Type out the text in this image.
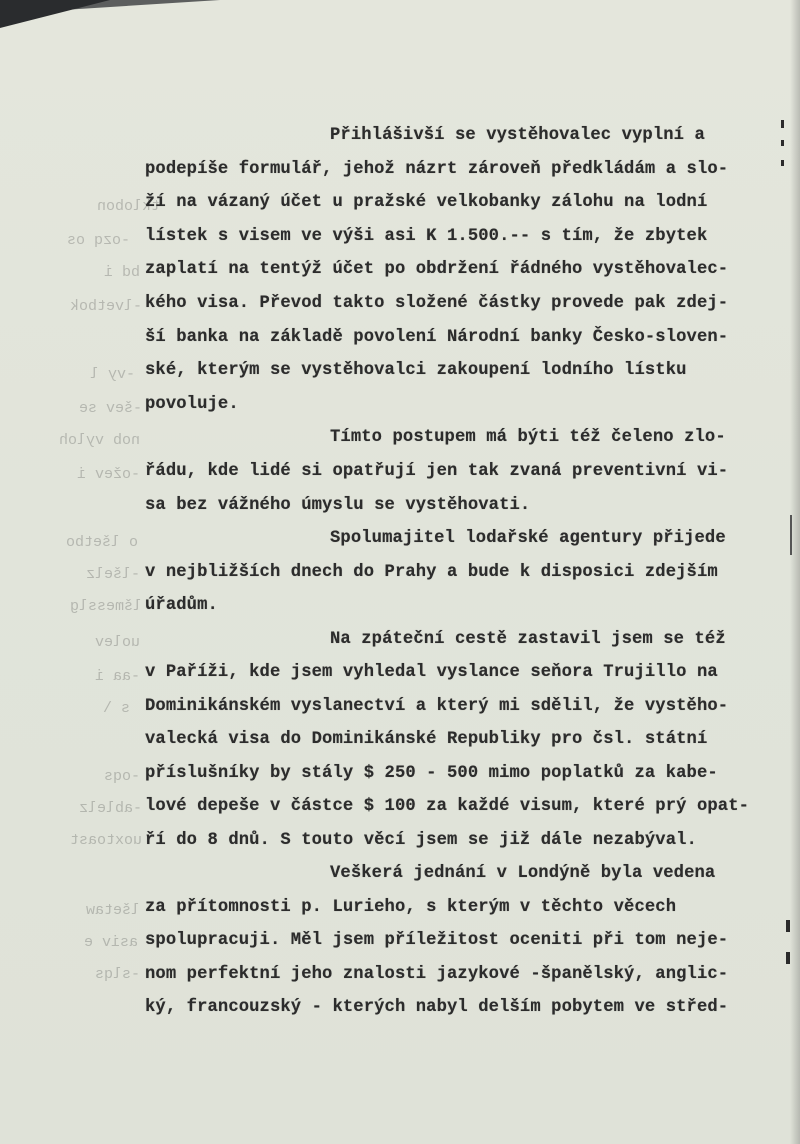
tklobon
-ozq os
bd i
-lvetbok
-vy l
-šev se
nob vyloh
-ožev i
o lšetbo
-lšelz
lšmesslg
uolev
-aa i
s \
-oqs
-ablelz
uoxtoast
lšetaw
asiv e
-slqs
Přihlášivší se vystěhovalec vyplní a
podepíše formulář, jehož názrt zároveň předkládám a slo-
ží na vázaný účet u pražské velkobanky zálohu na lodní
lístek s visem ve výši asi K 1.500.-- s tím, že zbytek
zaplatí na tentýž účet po obdržení řádného vystěhovalec-
kého visa. Převod takto složené částky provede pak zdej-
ší banka na základě povolení Národní banky Česko-sloven-
ské, kterým se vystěhovalci zakoupení lodního lístku
povoluje.
Tímto postupem má býti též čeleno zlo-
řádu, kde lidé si opatřují jen tak zvaná preventivní vi-
sa bez vážného úmyslu se vystěhovati.
Spolumajitel lodařské agentury přijede
v nejbližších dnech do Prahy a bude k disposici zdejším
úřadům.
Na zpáteční cestě zastavil jsem se též
v Paříži, kde jsem vyhledal vyslance seňora Trujillo na
Dominikánském vyslanectví a který mi sdělil, že vystěho-
valecká visa do Dominikánské Republiky pro čsl. státní
příslušníky by stály $ 250 - 500 mimo poplatků za kabe-
lové depeše v částce $ 100 za každé visum, které prý opat-
ří do 8 dnů. S touto věcí jsem se již dále nezabýval.
Veškerá jednání v Londýně byla vedena
za přítomnosti p. Lurieho, s kterým v těchto věcech
spolupracuji. Měl jsem příležitost oceniti při tom neje-
nom perfektní jeho znalosti jazykové -španělský, anglic-
ký, francouzský - kterých nabyl delším pobytem ve střed-
